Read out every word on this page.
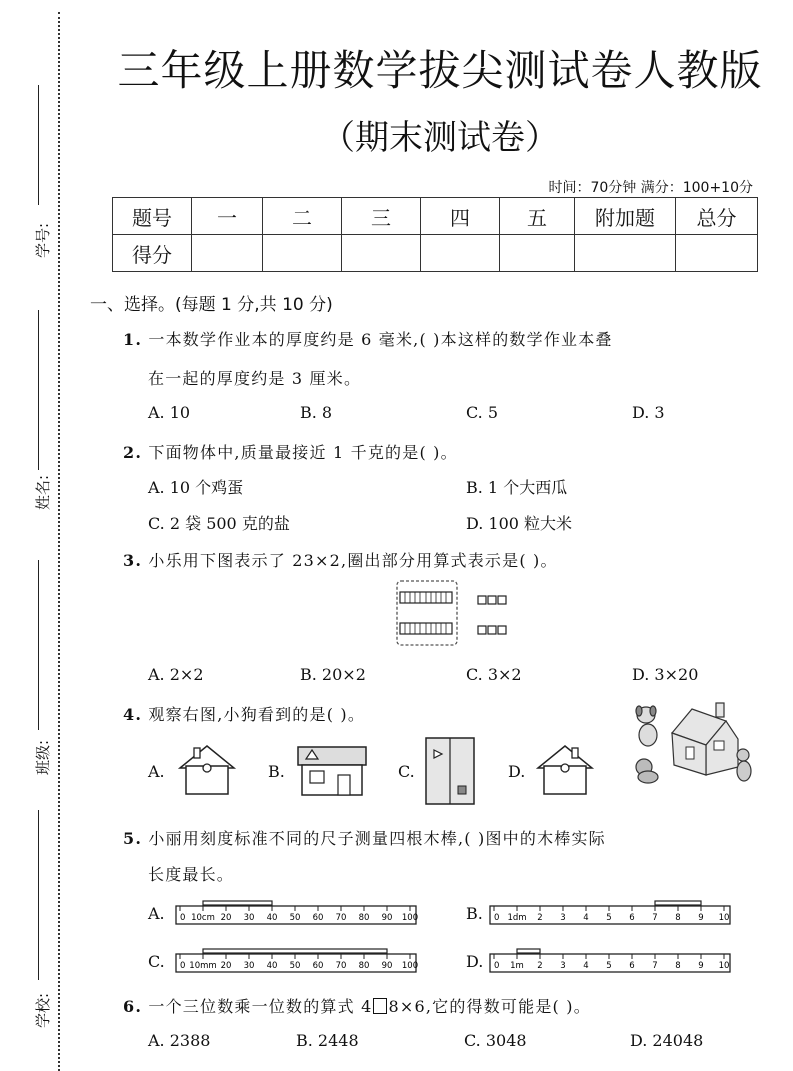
学号:
姓名:
班级:
学校:
三年级上册数学拔尖测试卷人教版
（期末测试卷）
时间：70分钟 满分：100+10分
题号	一	二	三	四	五	附加题	总分
得分							
一、选择。(每题 1 分,共 10 分)
1. 一本数学作业本的厚度约是 6 毫米,( )本这样的数学作业本叠
在一起的厚度约是 3 厘米。
A. 10	B. 8	C. 5	D. 3
2. 下面物体中,质量最接近 1 千克的是( )。
A. 10 个鸡蛋	B. 1 个大西瓜
C. 2 袋 500 克的盐	D. 100 粒大米
3. 小乐用下图表示了 23×2,圈出部分用算式表示是( )。
A. 2×2	B. 20×2	C. 3×2	D. 3×20
4. 观察右图,小狗看到的是( )。
A.	B.	C.	D.
5. 小丽用刻度标准不同的尺子测量四根木棒,( )图中的木棒实际
长度最长。
A. 0 10cm 20 30 40 50 60 70 80 90 100	B. 0 1dm 2 3 4 5 6 7 8 9 10
C. 0 10mm 20 30 40 50 60 70 80 90 100	D. 0 1m 2 3 4 5 6 7 8 9 10
6. 一个三位数乘一位数的算式 4 8×6,它的得数可能是( )。
A. 2388	B. 2448	C. 3048	D. 24048
